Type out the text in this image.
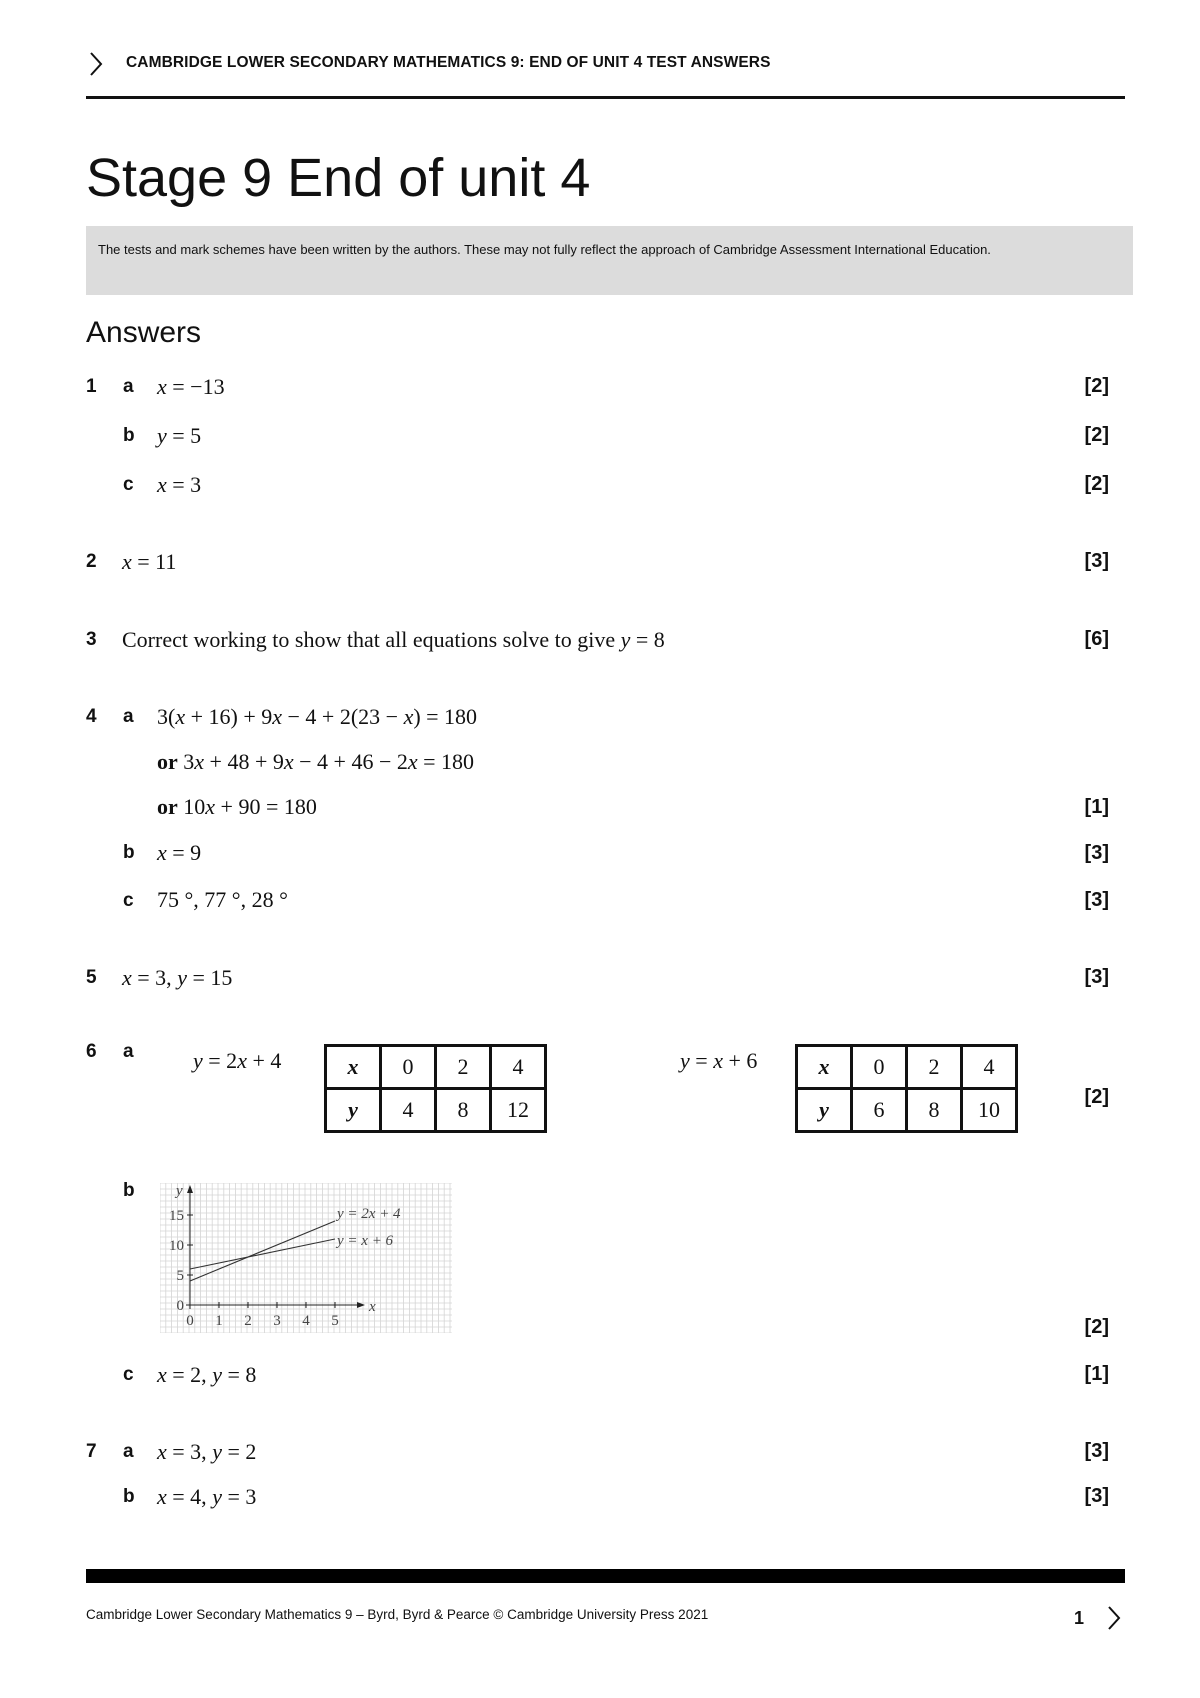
CAMBRIDGE LOWER SECONDARY MATHEMATICS 9: END OF UNIT 4 TEST ANSWERS
Stage 9 End of unit 4
The tests and mark schemes have been written by the authors. These may not fully reflect the approach of Cambridge Assessment International Education.
Answers
1 a x = −13	[2]
b y = 5	[2]
c x = 3	[2]
2 x = 11	[3]
3 Correct working to show that all equations solve to give y = 8	[6]
4 a 3(x + 16) + 9x − 4 + 2(23 − x) = 180
or 3x + 48 + 9x − 4 + 46 − 2x = 180
or 10x + 90 = 180	[1]
b x = 9	[3]
c 75 °, 77 °, 28 °	[3]
5 x = 3, y = 15	[3]
6 a	y = 2x + 4	x	0	2	4
y	4	8	12
y = x + 6	x	0	2	4
y	6	8	10	[2]
b
x
y
0 1 2 3 4 5
0
5
10
15	y = 2x + 4
y = x + 6
[2]
c x = 2, y = 8	[1]
7 a x = 3, y = 2	[3]
b x = 4, y = 3	[3]
Cambridge Lower Secondary Mathematics 9 – Byrd, Byrd & Pearce © Cambridge University Press 2021	1
